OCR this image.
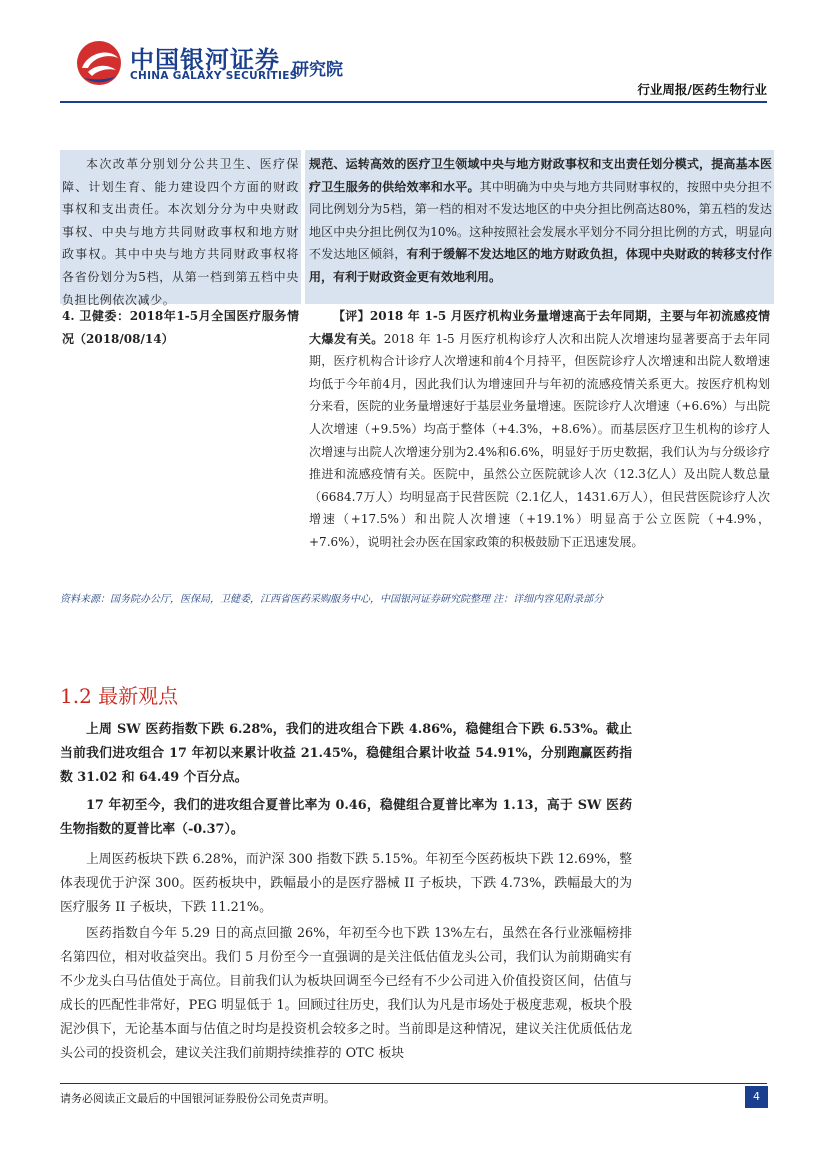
中国银河证券
CHINA GALAXY SECURITIES
研究院
行业周报/医药生物行业

本次改革分别划分公共卫生、医疗保障、计划生育、能力建设四个方面的财政事权和支出责任。本次划分分为中央财政事权、中央与地方共同财政事权和地方财政事权。其中中央与地方共同财政事权将各省份划分为5档，从第一档到第五档中央负担比例依次减少。

规范、运转高效的医疗卫生领域中央与地方财政事权和支出责任划分模式，提高基本医疗卫生服务的供给效率和水平。其中明确为中央与地方共同财事权的，按照中央分担不同比例划分为5档，第一档的相对不发达地区的中央分担比例高达80%，第五档的发达地区中央分担比例仅为10%。这种按照社会发展水平划分不同分担比例的方式，明显向不发达地区倾斜，有利于缓解不发达地区的地方财政负担，体现中央财政的转移支付作用，有利于财政资金更有效地利用。

4. 卫健委：2018年1-5月全国医疗服务情况（2018/08/14）

【评】2018 年 1-5 月医疗机构业务量增速高于去年同期，主要与年初流感疫情大爆发有关。2018 年 1-5 月医疗机构诊疗人次和出院人次增速均显著要高于去年同期，医疗机构合计诊疗人次增速和前4个月持平，但医院诊疗人次增速和出院人数增速均低于今年前4月，因此我们认为增速回升与年初的流感疫情关系更大。按医疗机构划分来看，医院的业务量增速好于基层业务量增速。医院诊疗人次增速（+6.6%）与出院人次增速（+9.5%）均高于整体（+4.3%，+8.6%）。而基层医疗卫生机构的诊疗人次增速与出院人次增速分别为2.4%和6.6%，明显好于历史数据，我们认为与分级诊疗推进和流感疫情有关。医院中，虽然公立医院就诊人次（12.3亿人）及出院人数总量（6684.7万人）均明显高于民营医院（2.1亿人，1431.6万人），但民营医院诊疗人次增速（+17.5%）和出院人次增速（+19.1%）明显高于公立医院（+4.9%，+7.6%），说明社会办医在国家政策的积极鼓励下正迅速发展。

资料来源：国务院办公厅，医保局，卫健委，江西省医药采购服务中心，中国银河证券研究院整理 注：详细内容见附录部分
1.2 最新观点

上周 SW 医药指数下跌 6.28%，我们的进攻组合下跌 4.86%，稳健组合下跌 6.53%。截止当前我们进攻组合 17 年初以来累计收益 21.45%，稳健组合累计收益 54.91%，分别跑赢医药指数 31.02 和 64.49 个百分点。

17 年初至今，我们的进攻组合夏普比率为 0.46，稳健组合夏普比率为 1.13，高于 SW 医药生物指数的夏普比率（-0.37）。

上周医药板块下跌 6.28%，而沪深 300 指数下跌 5.15%。年初至今医药板块下跌 12.69%，整体表现优于沪深 300。医药板块中，跌幅最小的是医疗器械 II 子板块，下跌 4.73%，跌幅最大的为医疗服务 II 子板块，下跌 11.21%。

医药指数自今年 5.29 日的高点回撤 26%，年初至今也下跌 13%左右，虽然在各行业涨幅榜排名第四位，相对收益突出。我们 5 月份至今一直强调的是关注低估值龙头公司，我们认为前期确实有不少龙头白马估值处于高位。目前我们认为板块回调至今已经有不少公司进入价值投资区间，估值与成长的匹配性非常好，PEG 明显低于 1。回顾过往历史，我们认为凡是市场处于极度悲观，板块个股泥沙俱下，无论基本面与估值之时均是投资机会较多之时。当前即是这种情况，建议关注优质低估龙头公司的投资机会，建议关注我们前期持续推荐的 OTC 板块

请务必阅读正文最后的中国银河证券股份公司免责声明。	4
